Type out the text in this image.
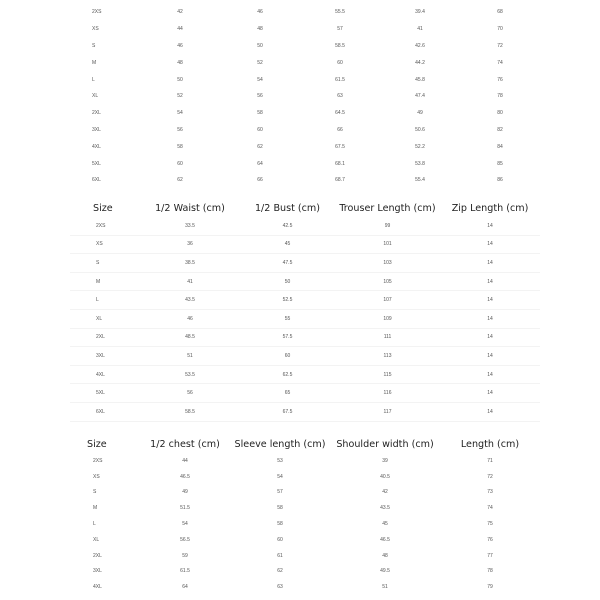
2XS	42	46	55.5	39.4	68
XS	44	48	57	41	70
S	46	50	58.5	42.6	72
M	48	52	60	44.2	74
L	50	54	61.5	45.8	76
XL	52	56	63	47.4	78
2XL	54	58	64.5	49	80
3XL	56	60	66	50.6	82
4XL	58	62	67.5	52.2	84
5XL	60	64	68.1	53.8	85
6XL	62	66	68.7	55.4	86
Size	1/2 Waist (cm)	1/2 Bust (cm)	Trouser Length (cm)	Zip Length (cm)
2XS	33.5	42.5	99	14
XS	36	45	101	14
S	38.5	47.5	103	14
M	41	50	105	14
L	43.5	52.5	107	14
XL	46	55	109	14
2XL	48.5	57.5	111	14
3XL	51	60	113	14
4XL	53.5	62.5	115	14
5XL	56	65	116	14
6XL	58.5	67.5	117	14
Size	1/2 chest (cm)	Sleeve length (cm)	Shoulder width (cm)	Length (cm)
2XS	44	53	39	71
XS	46.5	54	40.5	72
S	49	57	42	73
M	51.5	58	43.5	74
L	54	58	45	75
XL	56.5	60	46.5	76
2XL	59	61	48	77
3XL	61.5	62	49.5	78
4XL	64	63	51	79
